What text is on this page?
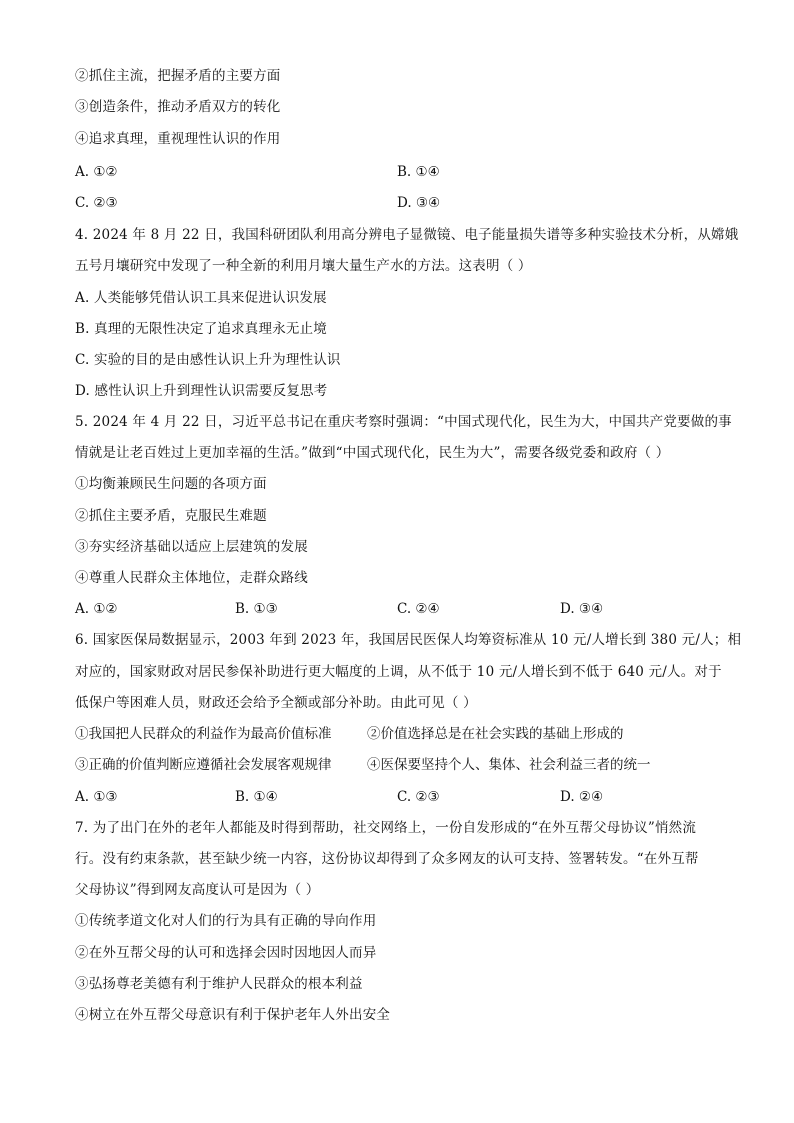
②抓住主流，把握矛盾的主要方面
③创造条件，推动矛盾双方的转化
④追求真理，重视理性认识的作用
A. ①②	B. ①④
C. ②③	D. ③④
4. 2024 年 8 月 22 日，我国科研团队利用高分辨电子显微镜、电子能量损失谱等多种实验技术分析，从嫦娥
五号月壤研究中发现了一种全新的利用月壤大量生产水的方法。这表明（ ）
A. 人类能够凭借认识工具来促进认识发展
B. 真理的无限性决定了追求真理永无止境
C. 实验的目的是由感性认识上升为理性认识
D. 感性认识上升到理性认识需要反复思考
5. 2024 年 4 月 22 日，习近平总书记在重庆考察时强调：“中国式现代化，民生为大，中国共产党要做的事
情就是让老百姓过上更加幸福的生活。”做到“中国式现代化，民生为大”，需要各级党委和政府（ ）
①均衡兼顾民生问题的各项方面
②抓住主要矛盾，克服民生难题
③夯实经济基础以适应上层建筑的发展
④尊重人民群众主体地位，走群众路线
A. ①②	B. ①③	C. ②④	D. ③④
6. 国家医保局数据显示，2003 年到 2023 年，我国居民医保人均筹资标准从 10 元/人增长到 380 元/人；相
对应的，国家财政对居民参保补助进行更大幅度的上调，从不低于 10 元/人增长到不低于 640 元/人。对于
低保户等困难人员，财政还会给予全额或部分补助。由此可见（ ）
①我国把人民群众的利益作为最高价值标准	②价值选择总是在社会实践的基础上形成的
③正确的价值判断应遵循社会发展客观规律	④医保要坚持个人、集体、社会利益三者的统一
A. ①③	B. ①④	C. ②③	D. ②④
7. 为了出门在外的老年人都能及时得到帮助，社交网络上，一份自发形成的“在外互帮父母协议”悄然流
行。没有约束条款，甚至缺少统一内容，这份协议却得到了众多网友的认可支持、签署转发。“在外互帮
父母协议”得到网友高度认可是因为（ ）
①传统孝道文化对人们的行为具有正确的导向作用
②在外互帮父母的认可和选择会因时因地因人而异
③弘扬尊老美德有利于维护人民群众的根本利益
④树立在外互帮父母意识有利于保护老年人外出安全
